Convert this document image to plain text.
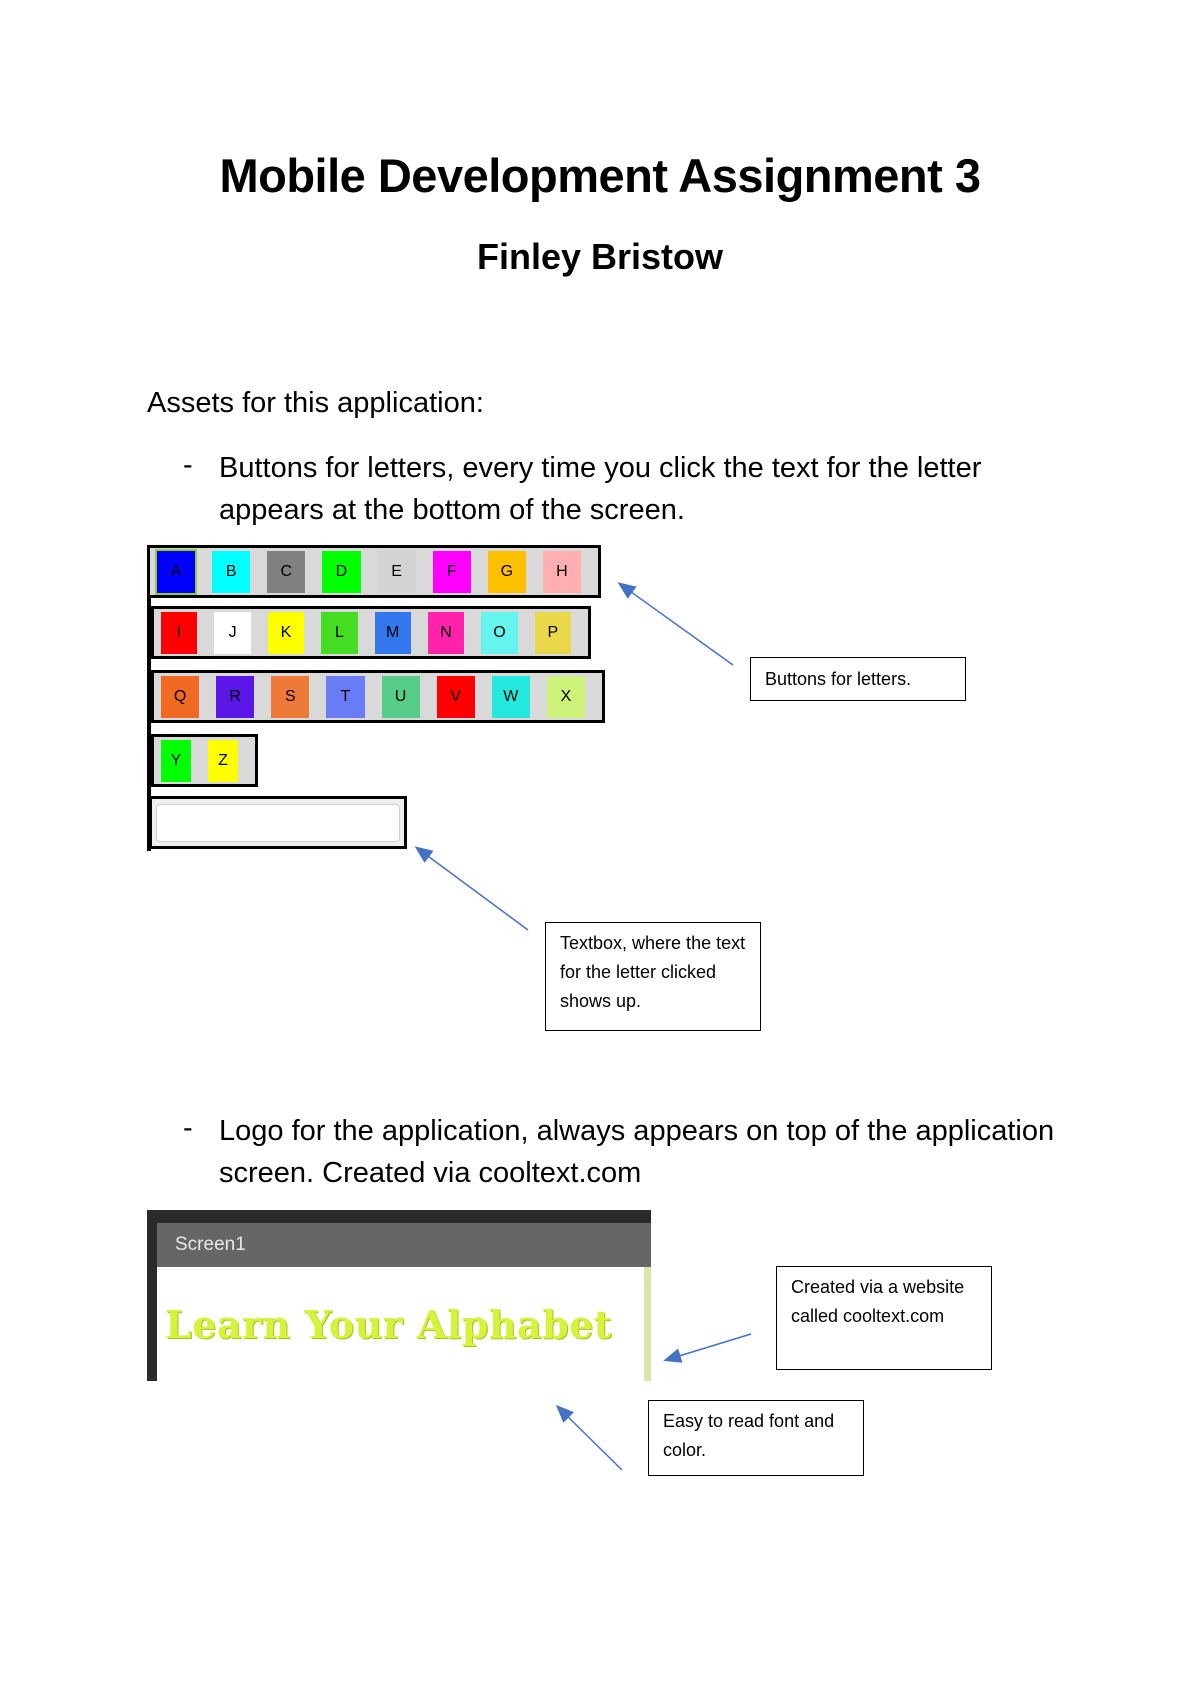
Mobile Development Assignment 3
Finley Bristow

Assets for this application:

- Buttons for letters, every time you click the text for the letter appears at the bottom of the screen.

A	B	C	D	E	F	G	H
I	J	K	L	M	N	O	P
Q	R	S	T	U	V	W	X
Y	Z
Buttons for letters.
Textbox, where the text for the letter clicked shows up.
- Logo for the application, always appears on top of the application screen. Created via cooltext.com

Screen1
Learn Your Alphabet
Created via a website called cooltext.com
Easy to read font and color.
